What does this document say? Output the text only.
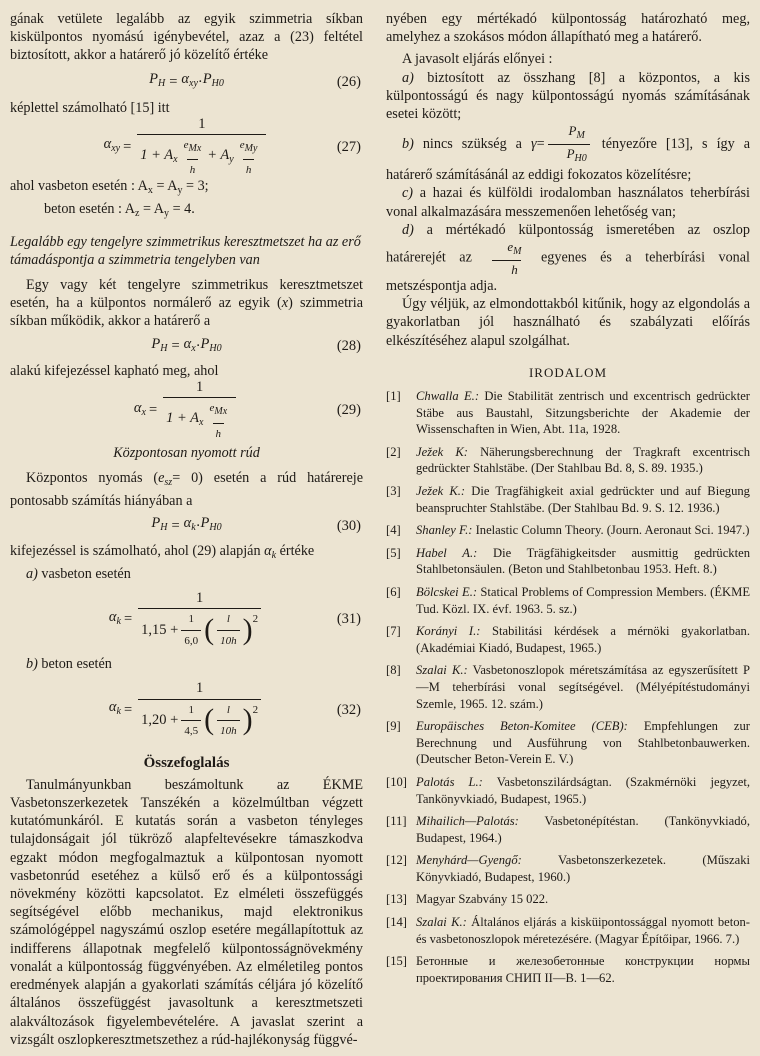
gának vetülete legalább az egyik szimmetria síkban kiskülpontos nyomású igénybevétel, azaz a (23) feltétel biztosított, akkor a határerő jó közelítő értéke

$P_H = \alpha_{xy} \cdot P_{H0}$	(26)

képlettel számolható [15] itt

$\alpha_{xy}$ =
1
$1 + A_x \frac{\text{eMx}}{h} + A_y \frac{\text{eMy}}{h}$	(27)

ahol vasbeton esetén : $A_x = A_y = 3$;

beton esetén : $A_z = A_y = 4$.

Legalább egy tengelyre szimmetrikus keresztmetszet ha az erő támadáspontja a szimmetria tengelyben van

Egy vagy két tengelyre szimmetrikus keresztmetszet esetén, ha a külpontos normálerő az egyik (x) szimmetria síkban működik, akkor a határerő a

$P_H = \alpha_x \cdot P_{H0}$	(28)

alakú kifejezéssel kapható meg, ahol

$\alpha_x = \frac{1}{1 + A_x \frac{\text{eMx}}{h}}$	(29)

Központosan nyomott rúd

Központos nyomás $(e_{sz}= 0)$ esetén a rúd határereje pontosabb számítás hiányában a

$P_H = \alpha_k \cdot P_{H0}$	(30)

kifejezéssel is számolható, ahol (29) alapján $\alpha_k$ értéke

a) vasbeton esetén

$\alpha_k$ =
1
$1,15 + \frac{1}{6,0}$ ( $\frac{l}{10h}$ ) 2	(31)

b) beton esetén

$\alpha_k$ =
1
$1,20 + \frac{1}{4,5}$ ( $\frac{l}{10h}$ ) 2	(32)

Összefoglalás

Tanulmányunkban beszámoltunk az ÉKME Vasbetonszerkezetek Tanszékén a közelmúltban végzett kutatómunkáról. E kutatás során a vasbeton tényleges tulajdonságait jól tükröző alapfeltevésekre támaszkodva egzakt módon megfogalmaztuk a külpontosan nyomott vasbetonrúd esetéhez a külső erő és a külpontossági növekmény közötti kapcsolatot. Ez elméleti összefüggés segítségével előbb mechanikus, majd elektronikus számológéppel nagyszámú oszlop esetére megállapítottuk az indifferens állapotnak megfelelő külpontosságnövekmény vonalát a külpontosság függvényében. Az elméletileg pontos eredmények alapján a gyakorlati számítás céljára jó közelítő általános összefüggést javasoltunk a keresztmetszeti alakváltozások figyelembevételére. A javaslat szerint a vizsgált oszlopkeresztmetszethez a rúd-hajlékonyság függvé-

nyében egy mértékadó külpontosság határozható meg, amelyhez a szokásos módon állapítható meg a határerő.

A javasolt eljárás előnyei :

a) biztosított az összhang [8] a központos, a kis külpontosságú és nagy külpontosságú nyomás számításának esetei között;

b) nincs szükség a $\gamma= \frac{P_M}{P_{H0}}$ tényezőre [13], s így a határerő számításánál az eddigi fokozatos közelítésre;

c) a hazai és külföldi irodalomban használatos teherbírási vonal alkalmazására messzemenően lehetőség van;

d) a mértékadó külpontosság ismeretében az oszlop határerejét az $\frac{e_M}{h}$ egyenes és a teherbírási vonal metszéspontja adja.

Úgy véljük, az elmondottakból kitűnik, hogy az elgondolás a gyakorlatban jól használható és szabályzati előírás elkészítéséhez alapul szolgálhat.

IRODALOM

[1]	Chwalla E.: Die Stabilität zentrisch und excentrisch gedrückter Stäbe aus Baustahl, Sitzungsberichte der Akademie der Wissenschaften in Wien, Abt. 11a, 1928.
[2]	Ježek K: Näherungsberechnung der Tragkraft excentrisch gedrückter Stahlstäbe. (Der Stahlbau Bd. 8, S. 89. 1935.)
[3]	Ježek K.: Die Tragfähigkeit axial gedrückter und auf Biegung beanspruchter Stahlstäbe. (Der Stahlbau Bd. 9. S. 12. 1936.)
[4]	Shanley F.: Inelastic Column Theory. (Journ. Aeronaut Sci. 1947.)
[5]	Habel A.: Die Trägfähigkeitsder ausmittig gedrückten Stahlbetonsäulen. (Beton und Stahlbetonbau 1953. Heft. 8.)
[6]	Bölcskei E.: Statical Problems of Compression Members. (ÉKME Tud. Közl. IX. évf. 1963. 5. sz.)
[7]	Korányi I.: Stabilitási kérdések a mérnöki gyakorlatban. (Akadémiai Kiadó, Budapest, 1965.)
[8]	Szalai K.: Vasbetonoszlopok méretszámítása az egyszerűsített P—M teherbírási vonal segítségével. (Mélyépítéstudományi Szemle, 1965. 12. szám.)
[9]	Europäisches Beton-Komitee (CEB): Empfehlungen zur Berechnung und Ausführung von Stahlbetonbauwerken. (Deutscher Beton-Verein E. V.)
[10] Palotás L.: Vasbetonszilárdságtan. (Szakmérnöki jegyzet, Tankönyvkiadó, Budapest, 1965.)
[11] Mihailich—Palotás: Vasbetonépítéstan. (Tankönyvkiadó, Budapest, 1964.)
[12] Menyhárd—Gyengő: Vasbetonszerkezetek. (Műszaki Könyvkiadó, Budapest, 1960.)
[13] Magyar Szabvány 15 022.
[14] Szalai K.: Általános eljárás a kisküipontossággal nyomott beton- és vasbetonoszlopok méretezésére. (Magyar Építőipar, 1966. 7.)
[15] Бетонные и железобетонные конструкции нормы проектирования СНИП II—В. 1—62.
